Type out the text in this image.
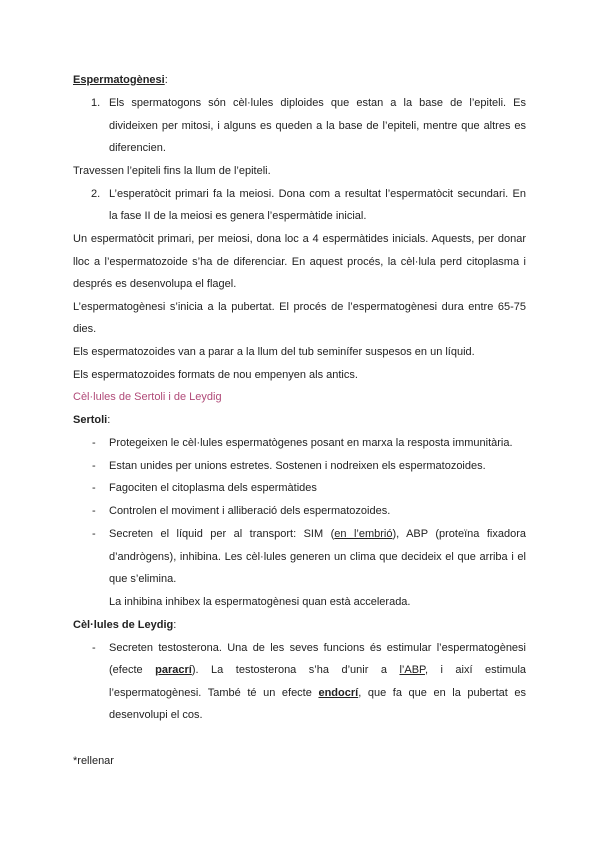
Espermatogènesi:
1. Els spermatogons són cèl·lules diploides que estan a la base de l’epiteli. Es
divideixen per mitosi, i alguns es queden a la base de l’epiteli, mentre que altres es
diferencien.
Travessen l’epiteli fins la llum de l’epiteli.
2. L’esperatòcit primari fa la meiosi. Dona com a resultat l’espermatòcit secundari. En
la fase II de la meiosi es genera l’espermàtide inicial.
Un espermatòcit primari, per meiosi, dona loc a 4 espermàtides inicials. Aquests, per donar
lloc a l’espermatozoide s’ha de diferenciar. En aquest procés, la cèl·lula perd citoplasma i
després es desenvolupa el flagel.
L’espermatogènesi s’inicia a la pubertat. El procés de l’espermatogènesi dura entre 65-75
dies.
Els espermatozoides van a parar a la llum del tub seminífer suspesos en un líquid.
Els espermatozoides formats de nou empenyen als antics.
Cèl·lules de Sertoli i de Leydig
Sertoli:
- Protegeixen le cèl·lules espermatògenes posant en marxa la resposta immunitària.
- Estan unides per unions estretes. Sostenen i nodreixen els espermatozoides.
- Fagociten el citoplasma dels espermàtides
- Controlen el moviment i alliberació dels espermatozoides.
- Secreten el líquid per al transport: SIM (en l’embrió), ABP (proteïna fixadora
d’andrògens), inhibina. Les cèl·lules generen un clima que decideix el que arriba i el
que s’elimina.
La inhibina inhibex la espermatogènesi quan està accelerada.
Cèl·lules de Leydig:
- Secreten testosterona. Una de les seves funcions és estimular l’espermatogènesi
(efecte paracrí). La testosterona s’ha d’unir a l’ABP, i així estimula
l’espermatogènesi. També té un efecte endocrí, que fa que en la pubertat es
desenvolupi el cos.
*rellenar
